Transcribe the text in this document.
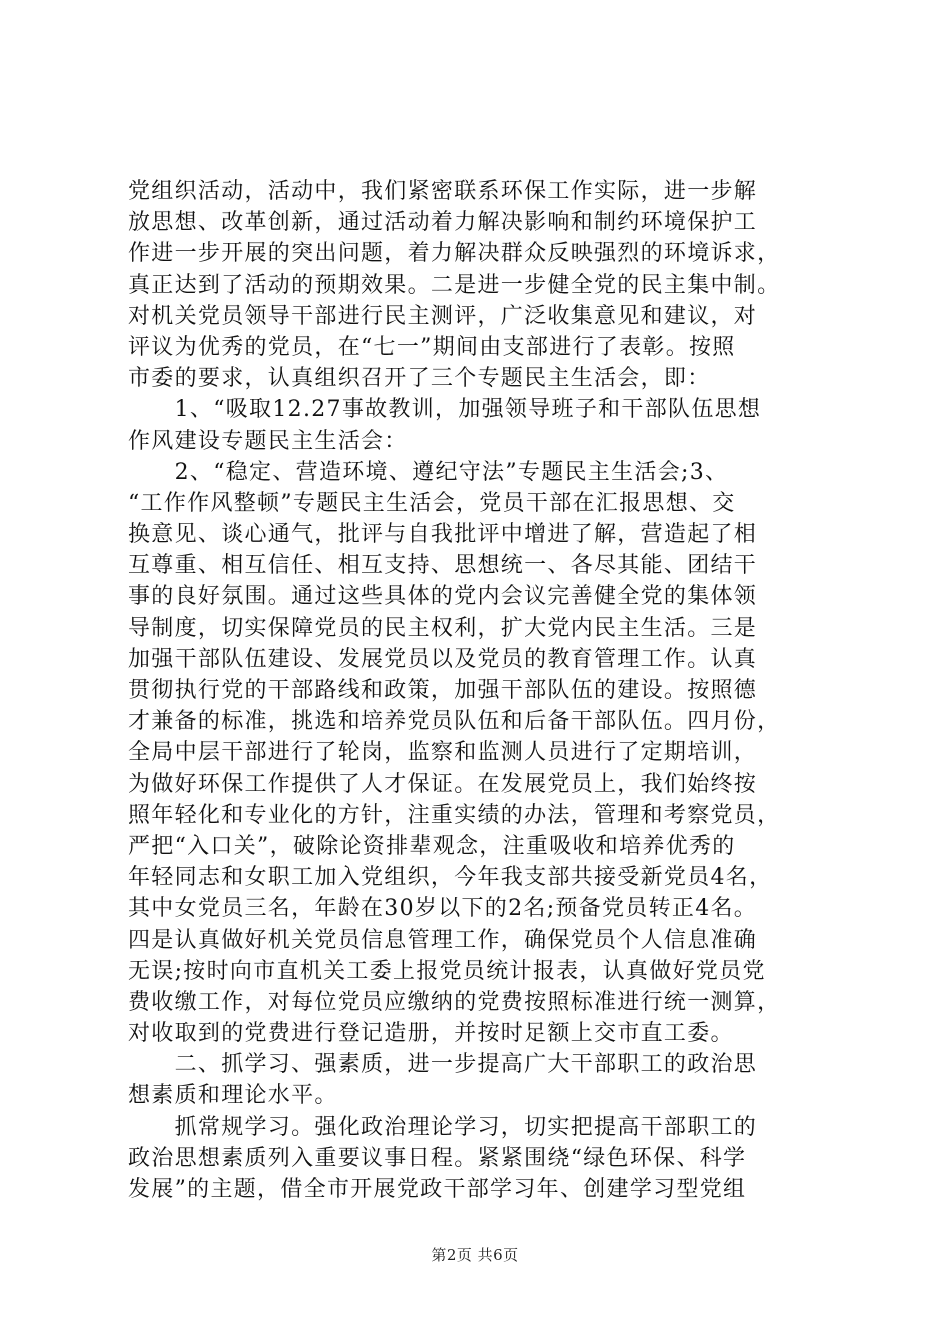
党组织活动，活动中，我们紧密联系环保工作实际，进一步解
放思想、改革创新，通过活动着力解决影响和制约环境保护工
作进一步开展的突出问题，着力解决群众反映强烈的环境诉求，
真正达到了活动的预期效果。二是进一步健全党的民主集中制。
对机关党员领导干部进行民主测评，广泛收集意见和建议，对
评议为优秀的党员，在“七一”期间由支部进行了表彰。按照
市委的要求，认真组织召开了三个专题民主生活会，即：
　　1、“吸取12.27事故教训，加强领导班子和干部队伍思想
作风建设专题民主生活会：
　　2、“稳定、营造环境、遵纪守法”专题民主生活会;3、
“工作作风整顿”专题民主生活会，党员干部在汇报思想、交
换意见、谈心通气，批评与自我批评中增进了解，营造起了相
互尊重、相互信任、相互支持、思想统一、各尽其能、团结干
事的良好氛围。通过这些具体的党内会议完善健全党的集体领
导制度，切实保障党员的民主权利，扩大党内民主生活。三是
加强干部队伍建设、发展党员以及党员的教育管理工作。认真
贯彻执行党的干部路线和政策，加强干部队伍的建设。按照德
才兼备的标准，挑选和培养党员队伍和后备干部队伍。四月份，
全局中层干部进行了轮岗，监察和监测人员进行了定期培训，
为做好环保工作提供了人才保证。在发展党员上，我们始终按
照年轻化和专业化的方针，注重实绩的办法，管理和考察党员，
严把“入口关”，破除论资排辈观念，注重吸收和培养优秀的
年轻同志和女职工加入党组织，今年我支部共接受新党员4名，
其中女党员三名，年龄在30岁以下的2名;预备党员转正4名。
四是认真做好机关党员信息管理工作，确保党员个人信息准确
无误;按时向市直机关工委上报党员统计报表，认真做好党员党
费收缴工作，对每位党员应缴纳的党费按照标准进行统一测算，
对收取到的党费进行登记造册，并按时足额上交市直工委。
　　二、抓学习、强素质，进一步提高广大干部职工的政治思
想素质和理论水平。
　　抓常规学习。强化政治理论学习，切实把提高干部职工的
政治思想素质列入重要议事日程。紧紧围绕“绿色环保、科学
发展”的主题，借全市开展党政干部学习年、创建学习型党组
第2页 共6页
